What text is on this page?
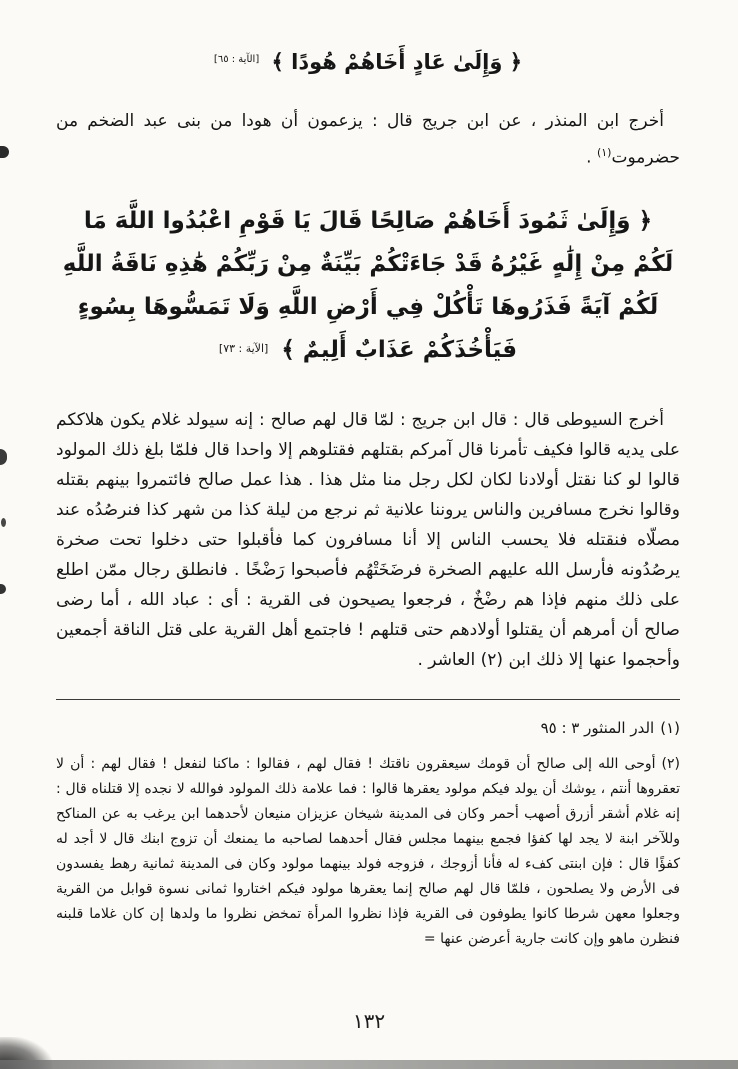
﴿ وَإِلَىٰ عَادٍ أَخَاهُمْ هُودًا ﴾ [الآية : ٦٥]

أخرج ابن المنذر ، عن ابن جريج قال : يزعمون أن هودا من بنى عبد الضخم من حضرموت$^{(١)}$ .

﴿ وَإِلَىٰ ثَمُودَ أَخَاهُمْ صَالِحًا قَالَ يَا قَوْمِ اعْبُدُوا اللَّهَ مَا لَكُمْ مِنْ إِلَٰهٍ غَيْرُهُ قَدْ جَاءَتْكُمْ بَيِّنَةٌ مِنْ رَبِّكُمْ هَٰذِهِ نَاقَةُ اللَّهِ لَكُمْ آيَةً فَذَرُوهَا تَأْكُلْ فِي أَرْضِ اللَّهِ وَلَا تَمَسُّوهَا بِسُوءٍ فَيَأْخُذَكُمْ عَذَابٌ أَلِيمٌ ﴾ [الآية : ٧٣]

أخرج السيوطى قال : قال ابن جريج : لمّا قال لهم صالح : إنه سيولد غلام يكون هلاككم على يديه قالوا فكيف تأمرنا قال آمركم بقتلهم فقتلوهم إلا واحدا قال فلمّا بلغ ذلك المولود قالوا لو كنا نقتل أولادنا لكان لكل رجل منا مثل هذا . هذا عمل صالح فائتمروا بينهم بقتله وقالوا نخرج مسافرين والناس يروننا علانية ثم نرجع من ليلة كذا من شهر كذا فنرصُدُه عند مصلّاه فنقتله فلا يحسب الناس إلا أنا مسافرون كما فأقبلوا حتى دخلوا تحت صخرة يرصُدُونه فأرسل الله عليهم الصخرة فرضَخَتْهُم فأصبحوا رَضْخًا . فانطلق رجال ممّن اطلع على ذلك منهم فإذا هم رضْخٌ ، فرجعوا يصيحون فى القرية : أى : عباد الله ، أما رضى صالح أن أمرهم أن يقتلوا أولادهم حتى قتلهم ! فاجتمع أهل القرية على قتل الناقة أجمعين وأحجموا عنها إلا ذلك ابن (٢) العاشر .

(١)الدر المنثور ٣ : ٩٥

(٢)أوحى الله إلى صالح أن قومك سيعقرون ناقتك ! فقال لهم ، فقالوا : ماكنا لنفعل ! فقال لهم : أن لا تعقروها أنتم ، يوشك أن يولد فيكم مولود يعقرها قالوا : فما علامة ذلك المولود فوالله لا نجده إلا قتلناه قال : إنه غلام أشقر أزرق أصهب أحمر وكان فى المدينة شيخان عزيزان منيعان لأحدهما ابن يرغب به عن المناكح وللآخر ابنة لا يجد لها كفؤا فجمع بينهما مجلس فقال أحدهما لصاحبه ما يمنعك أن تزوج ابنك قال لا أجد له كفؤًا قال : فإن ابنتى كفء له فأنا أزوجك ، فزوجه فولد بينهما مولود وكان فى المدينة ثمانية رهط يفسدون فى الأرض ولا يصلحون ، فلمّا قال لهم صالح إنما يعقرها مولود فيكم اختاروا ثمانى نسوة قوابل من القرية وجعلوا معهن شرطا كانوا يطوفون فى القرية فإذا نظروا المرأة تمخض نظروا ما ولدها إن كان غلاما قلبنه فنظرن ماهو وإن كانت جارية أعرضن عنها =

١٣٢
